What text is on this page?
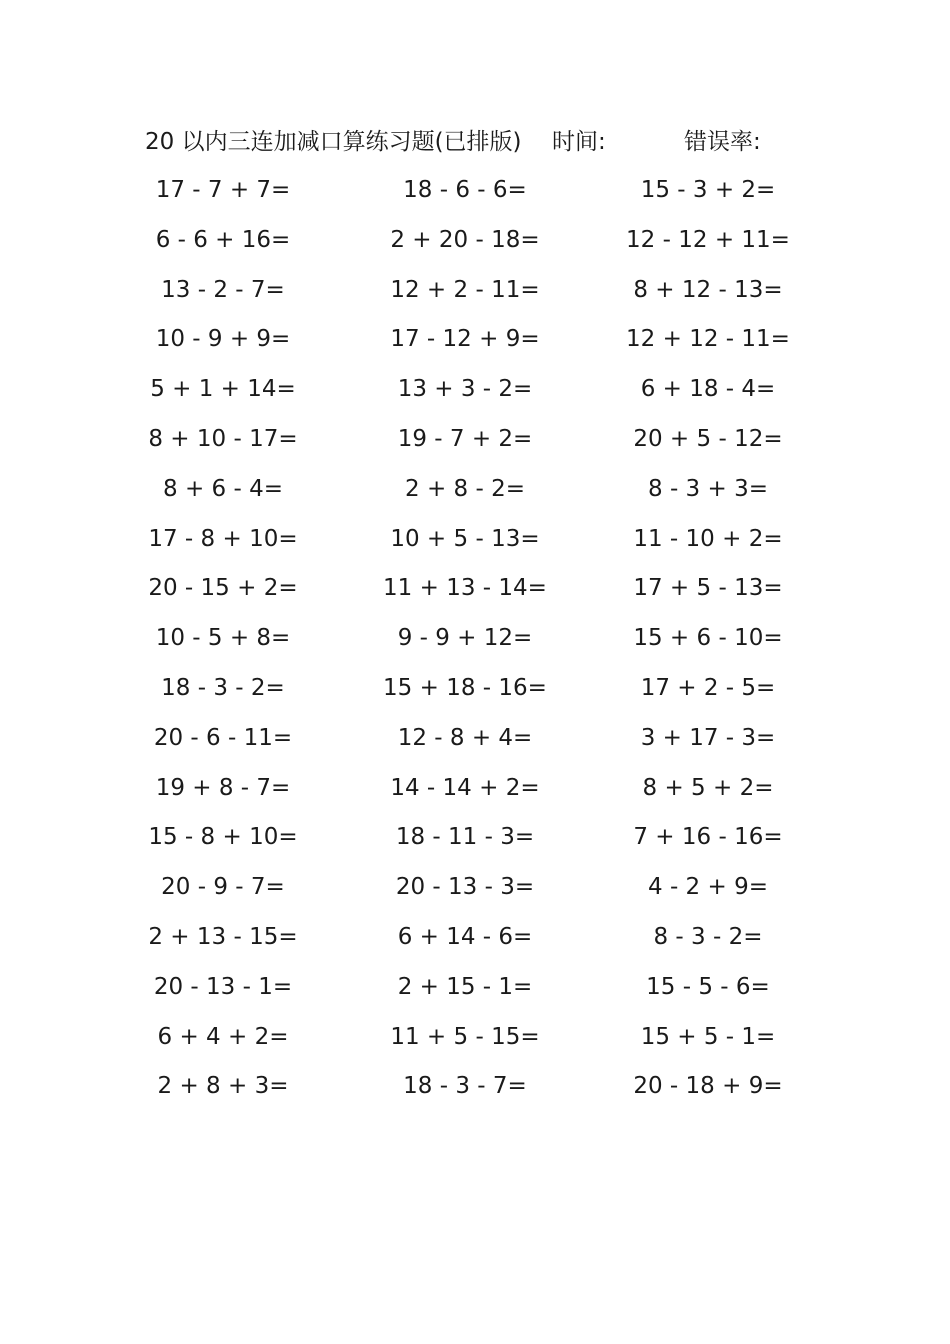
20 以内三连加减口算练习题(已排版) 时间:	错误率:
17 - 7 + 7=	18 - 6 - 6=	15 - 3 + 2=
6 - 6 + 16=	2 + 20 - 18=	12 - 12 + 11=
13 - 2 - 7=	12 + 2 - 11=	8 + 12 - 13=
10 - 9 + 9=	17 - 12 + 9=	12 + 12 - 11=
5 + 1 + 14=	13 + 3 - 2=	6 + 18 - 4=
8 + 10 - 17=	19 - 7 + 2=	20 + 5 - 12=
8 + 6 - 4=	2 + 8 - 2=	8 - 3 + 3=
17 - 8 + 10=	10 + 5 - 13=	11 - 10 + 2=
20 - 15 + 2=	11 + 13 - 14=	17 + 5 - 13=
10 - 5 + 8=	9 - 9 + 12=	15 + 6 - 10=
18 - 3 - 2=	15 + 18 - 16=	17 + 2 - 5=
20 - 6 - 11=	12 - 8 + 4=	3 + 17 - 3=
19 + 8 - 7=	14 - 14 + 2=	8 + 5 + 2=
15 - 8 + 10=	18 - 11 - 3=	7 + 16 - 16=
20 - 9 - 7=	20 - 13 - 3=	4 - 2 + 9=
2 + 13 - 15=	6 + 14 - 6=	8 - 3 - 2=
20 - 13 - 1=	2 + 15 - 1=	15 - 5 - 6=
6 + 4 + 2=	11 + 5 - 15=	15 + 5 - 1=
2 + 8 + 3=	18 - 3 - 7=	20 - 18 + 9=
